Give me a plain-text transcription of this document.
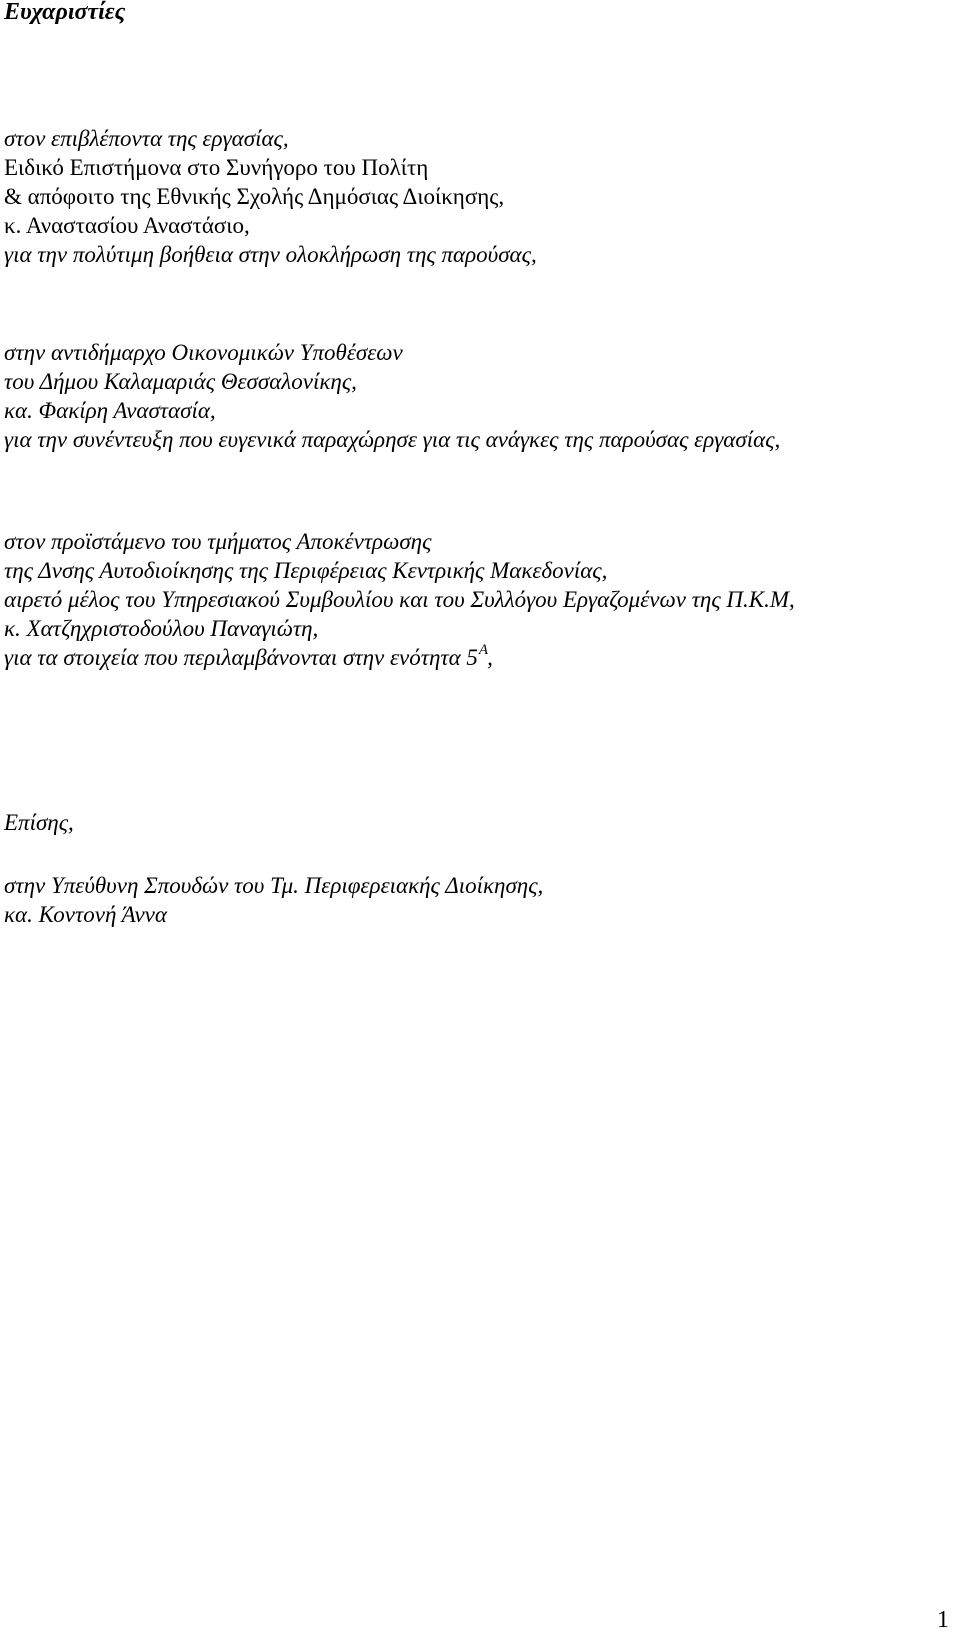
Ευχαριστίες

στον επιβλέποντα της εργασίας,
Ειδικό Επιστήμονα στο Συνήγορο του Πολίτη
& απόφοιτο της Εθνικής Σχολής Δημόσιας Διοίκησης,
κ. Αναστασίου Αναστάσιο,
για την πολύτιμη βοήθεια στην ολοκλήρωση της παρούσας,

στην αντιδήμαρχο Οικονομικών Υποθέσεων
του Δήμου Καλαμαριάς Θεσσαλονίκης,
κα. Φακίρη Αναστασία,
για την συνέντευξη που ευγενικά παραχώρησε για τις ανάγκες της παρούσας εργασίας,

στον προϊστάμενο του τμήματος Αποκέντρωσης
της Δνσης Αυτοδιοίκησης της Περιφέρειας Κεντρικής Μακεδονίας,
αιρετό μέλος του Υπηρεσιακού Συμβουλίου και του Συλλόγου Εργαζομένων της Π.Κ.Μ,
κ. Χατζηχριστοδούλου Παναγιώτη,
για τα στοιχεία που περιλαμβάνονται στην ενότητα $5^A$,

Επίσης,

στην Υπεύθυνη Σπουδών του Τμ. Περιφερειακής Διοίκησης,
κα. Κοντονή Άννα

1
